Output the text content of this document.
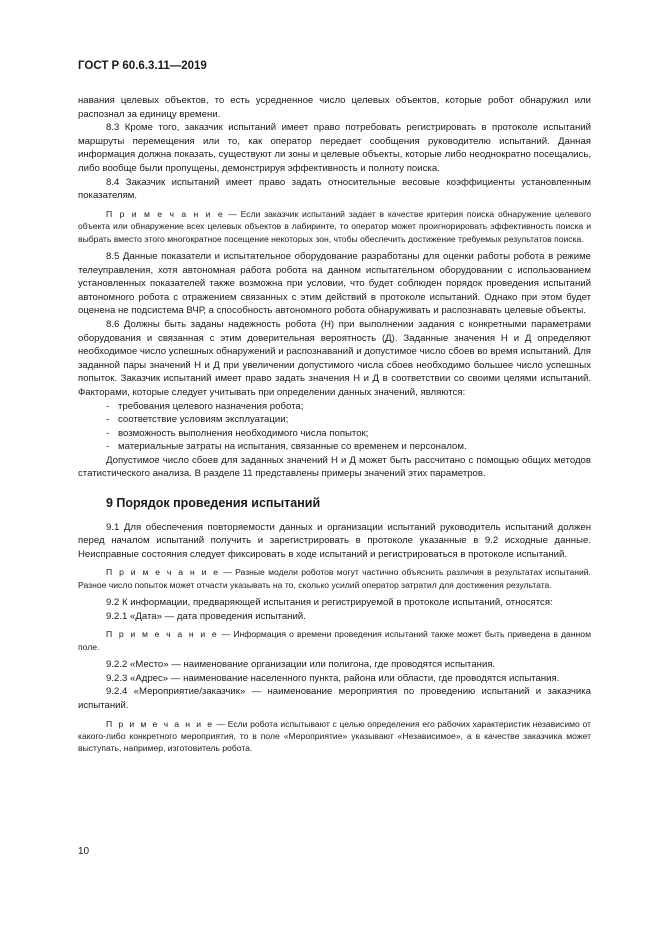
ГОСТ Р 60.6.3.11—2019

навания целевых объектов, то есть усредненное число целевых объектов, которые робот обнаружил или распознал за единицу времени.

8.3 Кроме того, заказчик испытаний имеет право потребовать регистрировать в протоколе испытаний маршруты перемещения или то, как оператор передает сообщения руководителю испытаний. Данная информация должна показать, существуют ли зоны и целевые объекты, которые либо неоднократно посещались, либо вообще были пропущены, демонстрируя эффективность и полноту поиска.

8.4 Заказчик испытаний имеет право задать относительные весовые коэффициенты установленным показателям.

П р и м е ч а н и е — Если заказчик испытаний задает в качестве критерия поиска обнаружение целевого объекта или обнаружение всех целевых объектов в лабиринте, то оператор может проигнорировать эффективность поиска и выбрать вместо этого многократное посещение некоторых зон, чтобы обеспечить достижение требуемых результатов поиска.

8.5 Данные показатели и испытательное оборудование разработаны для оценки работы робота в режиме телеуправления, хотя автономная работа робота на данном испытательном оборудовании с использованием установленных показателей также возможна при условии, что будет соблюден порядок проведения испытаний автономного робота с отражением связанных с этим действий в протоколе испытаний. Однако при этом будет оценена не подсистема ВЧР, а способность автономного робота обнаруживать и распознавать целевые объекты.

8.6 Должны быть заданы надежность робота (Н) при выполнении задания с конкретными параметрами оборудования и связанная с этим доверительная вероятность (Д). Заданные значения Н и Д определяют необходимое число успешных обнаружений и распознаваний и допустимое число сбоев во время испытаний. Для заданной пары значений Н и Д при увеличении допустимого числа сбоев необходимо большее число успешных попыток. Заказчик испытаний имеет право задать значения Н и Д в соответствии со своими целями испытаний. Факторами, которые следует учитывать при определении данных значений, являются:

- требования целевого назначения робота;
- соответствие условиям эксплуатации;
- возможность выполнения необходимого числа попыток;
- материальные затраты на испытания, связанные со временем и персоналом.

Допустимое число сбоев для заданных значений Н и Д может быть рассчитано с помощью общих методов статистического анализа. В разделе 11 представлены примеры значений этих параметров.

9 Порядок проведения испытаний

9.1 Для обеспечения повторяемости данных и организации испытаний руководитель испытаний должен перед началом испытаний получить и зарегистрировать в протоколе указанные в 9.2 исходные данные. Неисправные состояния следует фиксировать в ходе испытаний и регистрироваться в протоколе испытаний.

П р и м е ч а н и е — Разные модели роботов могут частично объяснить различия в результатах испытаний. Разное число попыток может отчасти указывать на то, сколько усилий оператор затратил для достижения результата.

9.2 К информации, предваряющей испытания и регистрируемой в протоколе испытаний, относятся:

9.2.1 «Дата» — дата проведения испытаний.

П р и м е ч а н и е — Информация о времени проведения испытаний также может быть приведена в данном поле.

9.2.2 «Место» — наименование организации или полигона, где проводятся испытания.

9.2.3 «Адрес» — наименование населенного пункта, района или области, где проводятся испытания.

9.2.4 «Мероприятие/заказчик» — наименование мероприятия по проведению испытаний и заказчика испытаний.

П р и м е ч а н и е — Если робота испытывают с целью определения его рабочих характеристик независимо от какого-либо конкретного мероприятия, то в поле «Мероприятие» указывают «Независимое», а в качестве заказчика может выступать, например, изготовитель робота.

10
